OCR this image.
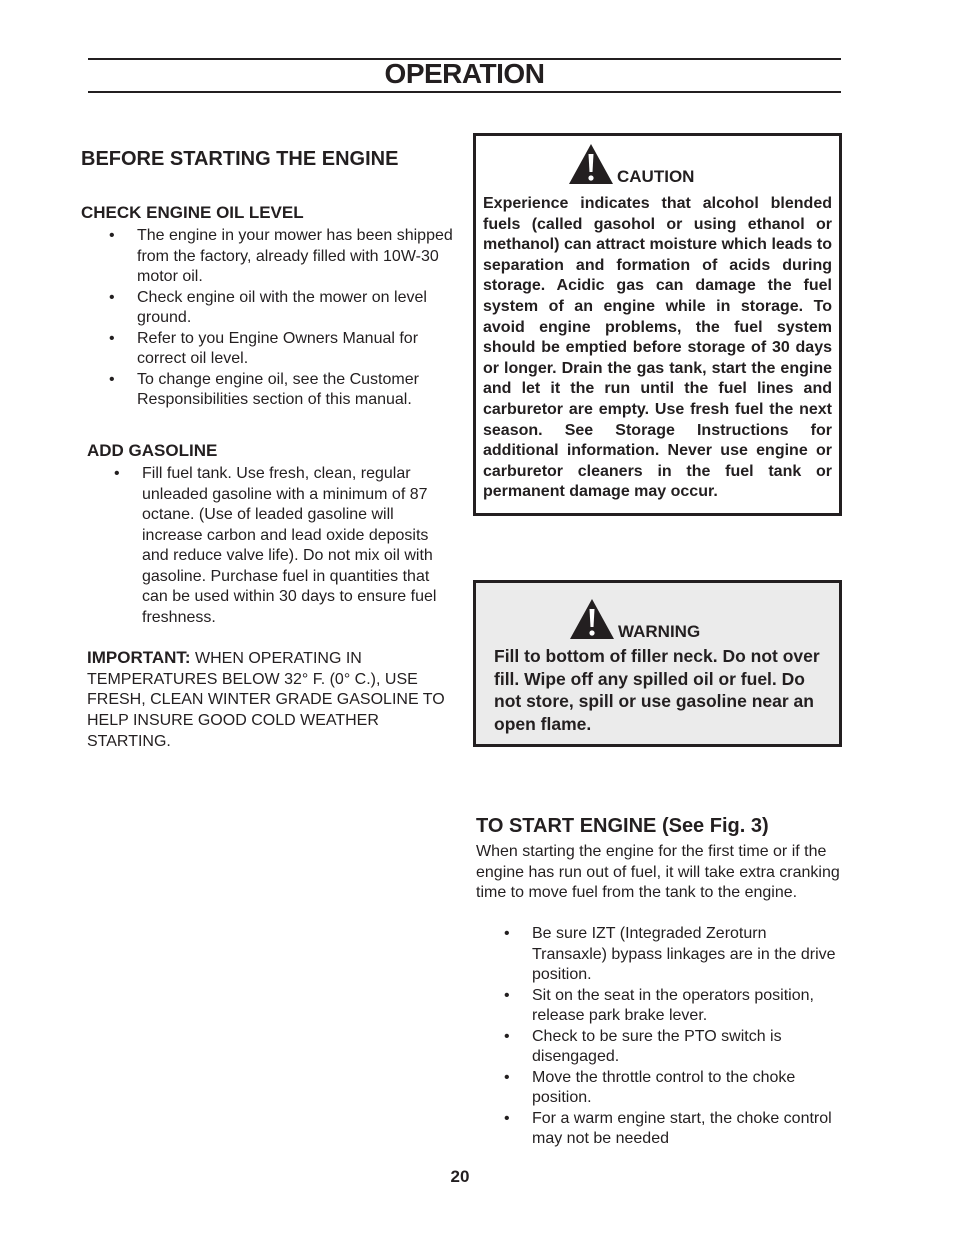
OPERATION
BEFORE STARTING THE ENGINE
CHECK ENGINE OIL LEVEL
• The engine in your mower has been shipped from the factory, already filled with 10W-30 motor oil.
• Check engine oil with the mower on level ground.
• Refer to you Engine Owners Manual for correct oil level.
• To change engine oil, see the Customer Responsibilities section of this manual.
ADD GASOLINE
• Fill fuel tank. Use fresh, clean, regular unleaded gasoline with a minimum of 87 octane. (Use of leaded gasoline will increase carbon and lead oxide deposits and reduce valve life). Do not mix oil with gasoline. Purchase fuel in quantities that can be used within 30 days to ensure fuel freshness.

IMPORTANT: WHEN OPERATING IN TEMPERATURES BELOW 32° F. (0° C.), USE FRESH, CLEAN WINTER GRADE GASOLINE TO HELP INSURE GOOD COLD WEATHER STARTING.

CAUTION

Experience indicates that alcohol blended fuels (called gasohol or using ethanol or methanol) can attract moisture which leads to separation and formation of acids during storage. Acidic gas can damage the fuel system of an engine while in storage. To avoid engine problems, the fuel system should be emptied before storage of 30 days or longer. Drain the gas tank, start the engine and let it the run until the fuel lines and carburetor are empty. Use fresh fuel the next season. See Storage Instructions for additional information. Never use engine or carburetor cleaners in the fuel tank or permanent damage may occur.

WARNING

Fill to bottom of filler neck. Do not over fill. Wipe off any spilled oil or fuel. Do not store, spill or use gasoline near an open flame.

TO START ENGINE (See Fig. 3)

When starting the engine for the first time or if the engine has run out of fuel, it will take extra cranking time to move fuel from the tank to the engine.

• Be sure IZT (Integraded Zeroturn Transaxle) bypass linkages are in the drive position.
• Sit on the seat in the operators position, release park brake lever.
• Check to be sure the PTO switch is disengaged.
• Move the throttle control to the choke position.
• For a warm engine start, the choke control may not be needed
20
